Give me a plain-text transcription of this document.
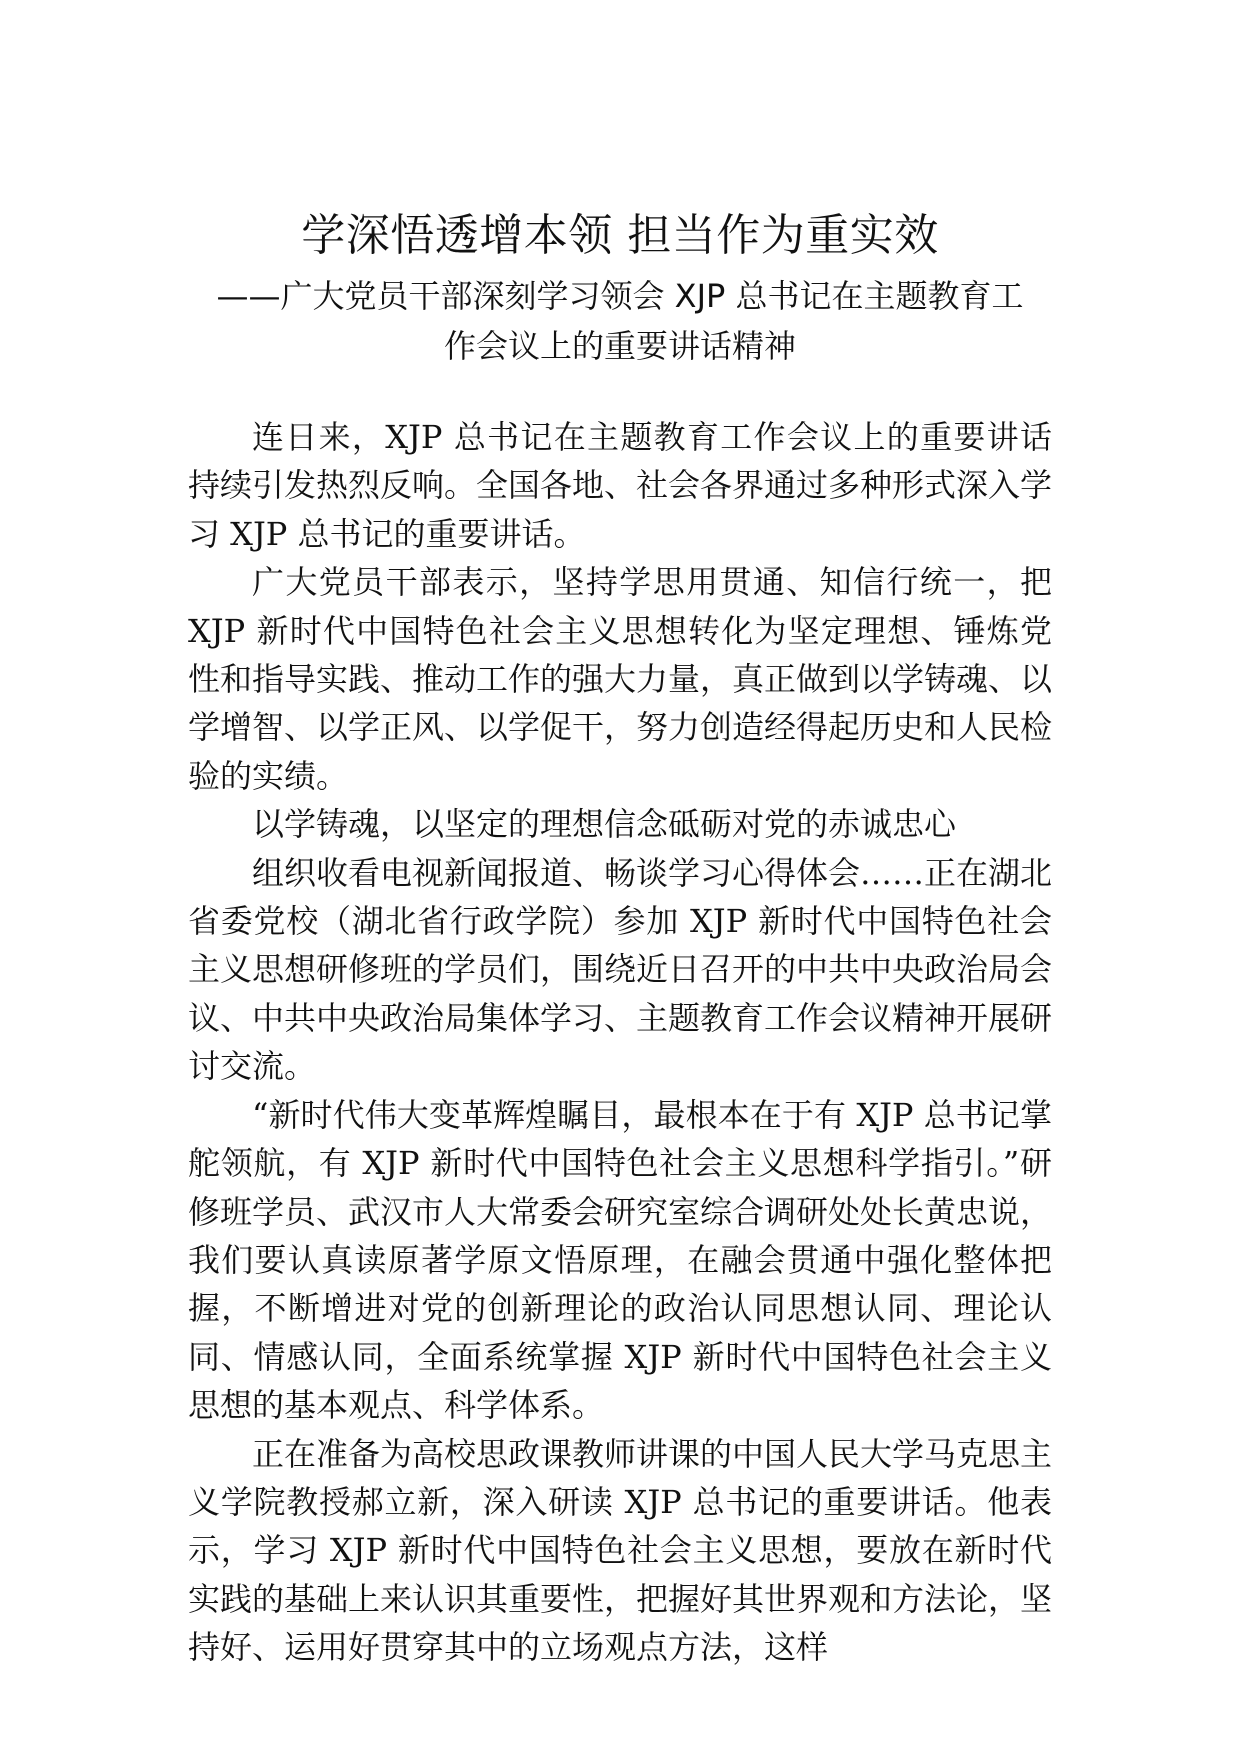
学深悟透增本领 担当作为重实效
——广大党员干部深刻学习领会 XJP 总书记在主题教育工
作会议上的重要讲话精神

连日来，XJP 总书记在主题教育工作会议上的重要讲话持续引发热烈反响。全国各地、社会各界通过多种形式深入学习 XJP 总书记的重要讲话。

广大党员干部表示，坚持学思用贯通、知信行统一，把 XJP 新时代中国特色社会主义思想转化为坚定理想、锤炼党性和指导实践、推动工作的强大力量，真正做到以学铸魂、以学增智、以学正风、以学促干，努力创造经得起历史和人民检验的实绩。

以学铸魂，以坚定的理想信念砥砺对党的赤诚忠心

组织收看电视新闻报道、畅谈学习心得体会……正在湖北省委党校（湖北省行政学院）参加 XJP 新时代中国特色社会主义思想研修班的学员们，围绕近日召开的中共中央政治局会议、中共中央政治局集体学习、主题教育工作会议精神开展研讨交流。

“新时代伟大变革辉煌瞩目，最根本在于有 XJP 总书记掌舵领航，有 XJP 新时代中国特色社会主义思想科学指引。”研修班学员、武汉市人大常委会研究室综合调研处处长黄忠说，我们要认真读原著学原文悟原理，在融会贯通中强化整体把握，不断增进对党的创新理论的政治认同思想认同、理论认同、情感认同，全面系统掌握 XJP 新时代中国特色社会主义思想的基本观点、科学体系。

正在准备为高校思政课教师讲课的中国人民大学马克思主义学院教授郝立新，深入研读 XJP 总书记的重要讲话。他表示，学习 XJP 新时代中国特色社会主义思想，要放在新时代实践的基础上来认识其重要性，把握好其世界观和方法论，坚持好、运用好贯穿其中的立场观点方法，这样
